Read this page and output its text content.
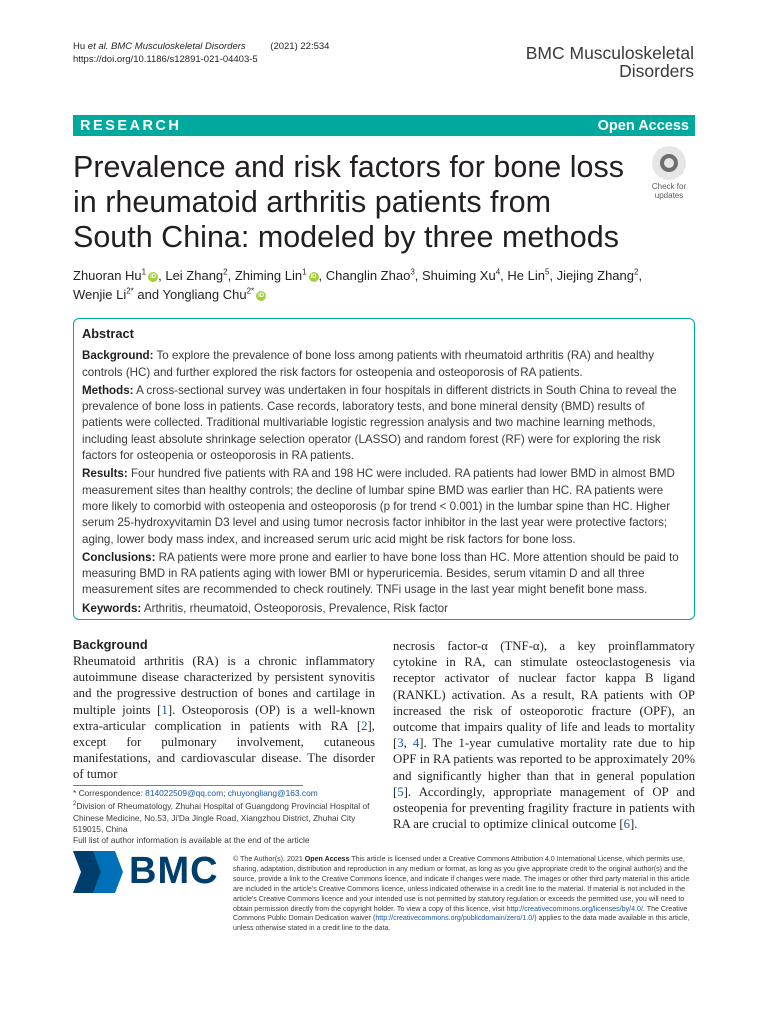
Hu et al. BMC Musculoskeletal Disorders	(2021) 22:534
https://doi.org/10.1186/s12891-021-04403-5	BMC Musculoskeletal
Disorders
RESEARCH	Open Access
Prevalence and risk factors for bone loss in rheumatoid arthritis patients from South China: modeled by three methods
Check for
updates
Zhuoran Hu$^1$ iD , Lei Zhang$^2$, Zhiming Lin$^1$ iD , Changlin Zhao$^3$, Shuiming Xu$^4$, He Lin$^5$, Jiejing Zhang$^2$,
Wenjie $Li^{2*}$ and Yongliang Chu$^{2*}$ iD
Abstract

Background: To explore the prevalence of bone loss among patients with rheumatoid arthritis (RA) and healthy controls (HC) and further explored the risk factors for osteopenia and osteoporosis of RA patients.

Methods: A cross-sectional survey was undertaken in four hospitals in different districts in South China to reveal the prevalence of bone loss in patients. Case records, laboratory tests, and bone mineral density (BMD) results of patients were collected. Traditional multivariable logistic regression analysis and two machine learning methods, including least absolute shrinkage selection operator (LASSO) and random forest (RF) were for exploring the risk factors for osteopenia or osteoporosis in RA patients.

Results: Four hundred five patients with RA and 198 HC were included. RA patients had lower BMD in almost BMD measurement sites than healthy controls; the decline of lumbar spine BMD was earlier than HC. RA patients were more likely to comorbid with osteopenia and osteoporosis (p for trend < 0.001) in the lumbar spine than HC. Higher serum 25-hydroxyvitamin D3 level and using tumor necrosis factor inhibitor in the last year were protective factors; aging, lower body mass index, and increased serum uric acid might be risk factors for bone loss.

Conclusions: RA patients were more prone and earlier to have bone loss than HC. More attention should be paid to measuring BMD in RA patients aging with lower BMI or hyperuricemia. Besides, serum vitamin D and all three measurement sites are recommended to check routinely. TNFi usage in the last year might benefit bone mass.

Keywords: Arthritis, rheumatoid, Osteoporosis, Prevalence, Risk factor

Background

Rheumatoid arthritis (RA) is a chronic inflammatory autoimmune disease characterized by persistent synovitis and the progressive destruction of bones and cartilage in multiple joints [1]. Osteoporosis (OP) is a well-known extra-articular complication in patients with RA [2], except for pulmonary involvement, cutaneous manifestations, and cardiovascular disease. The disorder of tumor

necrosis factor-α (TNF-α), a key proinflammatory cytokine in RA, can stimulate osteoclastogenesis via receptor activator of nuclear factor kappa B ligand (RANKL) activation. As a result, RA patients with OP increased the risk of osteoporotic fracture (OPF), an outcome that impairs quality of life and leads to mortality [3, 4]. The 1-year cumulative mortality rate due to hip OPF in RA patients was reported to be approximately 20% and significantly higher than that in general population [5]. Accordingly, appropriate management of OP and osteopenia for preventing fragility fracture in patients with RA are crucial to optimize clinical outcome [6].

* Correspondence: 814022509@qq.com; chuyongliang@163.com
$^2$Division of Rheumatology, Zhuhai Hospital of Guangdong Provincial Hospital of Chinese Medicine, No.53, Ji'Da Jingle Road, Xiangzhou District, Zhuhai City 519015, China
Full list of author information is available at the end of the article
BMC © The Author(s). 2021 Open Access This article is licensed under a Creative Commons Attribution 4.0 International License, which permits use, sharing, adaptation, distribution and reproduction in any medium or format, as long as you give appropriate credit to the original author(s) and the source, provide a link to the Creative Commons licence, and indicate if changes were made. The images or other third party material in this article are included in the article's Creative Commons licence, unless indicated otherwise in a credit line to the material. If material is not included in the article's Creative Commons licence and your intended use is not permitted by statutory regulation or exceeds the permitted use, you will need to obtain permission directly from the copyright holder. To view a copy of this licence, visit http://creativecommons.org/licenses/by/4.0/. The Creative Commons Public Domain Dedication waiver (http://creativecommons.org/publicdomain/zero/1.0/) applies to the data made available in this article, unless otherwise stated in a credit line to the data.
